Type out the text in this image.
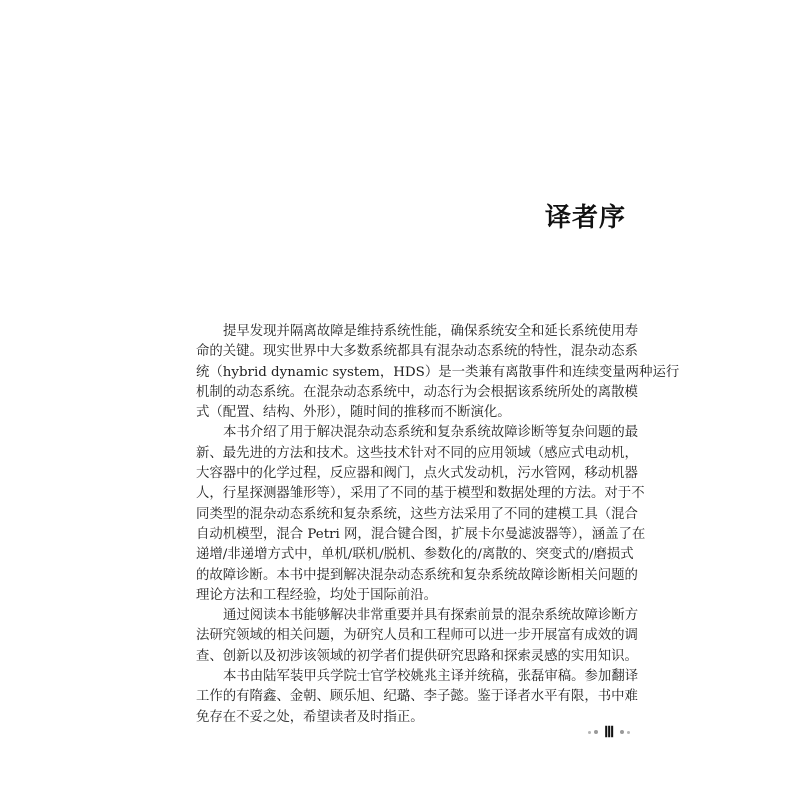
译者序
提早发现并隔离故障是维持系统性能，确保系统安全和延长系统使用寿
命的关键。现实世界中大多数系统都具有混杂动态系统的特性，混杂动态系
统（hybrid dynamic system，HDS）是一类兼有离散事件和连续变量两种运行
机制的动态系统。在混杂动态系统中，动态行为会根据该系统所处的离散模
式（配置、结构、外形），随时间的推移而不断演化。
本书介绍了用于解决混杂动态系统和复杂系统故障诊断等复杂问题的最
新、最先进的方法和技术。这些技术针对不同的应用领域（感应式电动机，
大容器中的化学过程，反应器和阀门，点火式发动机，污水管网，移动机器
人，行星探测器雏形等），采用了不同的基于模型和数据处理的方法。对于不
同类型的混杂动态系统和复杂系统，这些方法采用了不同的建模工具（混合
自动机模型，混合 Petri 网，混合键合图，扩展卡尔曼滤波器等），涵盖了在
递增/非递增方式中，单机/联机/脱机、参数化的/离散的、突变式的/磨损式
的故障诊断。本书中提到解决混杂动态系统和复杂系统故障诊断相关问题的
理论方法和工程经验，均处于国际前沿。
通过阅读本书能够解决非常重要并具有探索前景的混杂系统故障诊断方
法研究领域的相关问题，为研究人员和工程师可以进一步开展富有成效的调
查、创新以及初涉该领域的初学者们提供研究思路和探索灵感的实用知识。
本书由陆军装甲兵学院士官学校姚兆主译并统稿，张磊审稿。参加翻译
工作的有隋鑫、金朝、顾乐旭、纪璐、李子懿。鉴于译者水平有限，书中难
免存在不妥之处，希望读者及时指正。
Ⅲ
